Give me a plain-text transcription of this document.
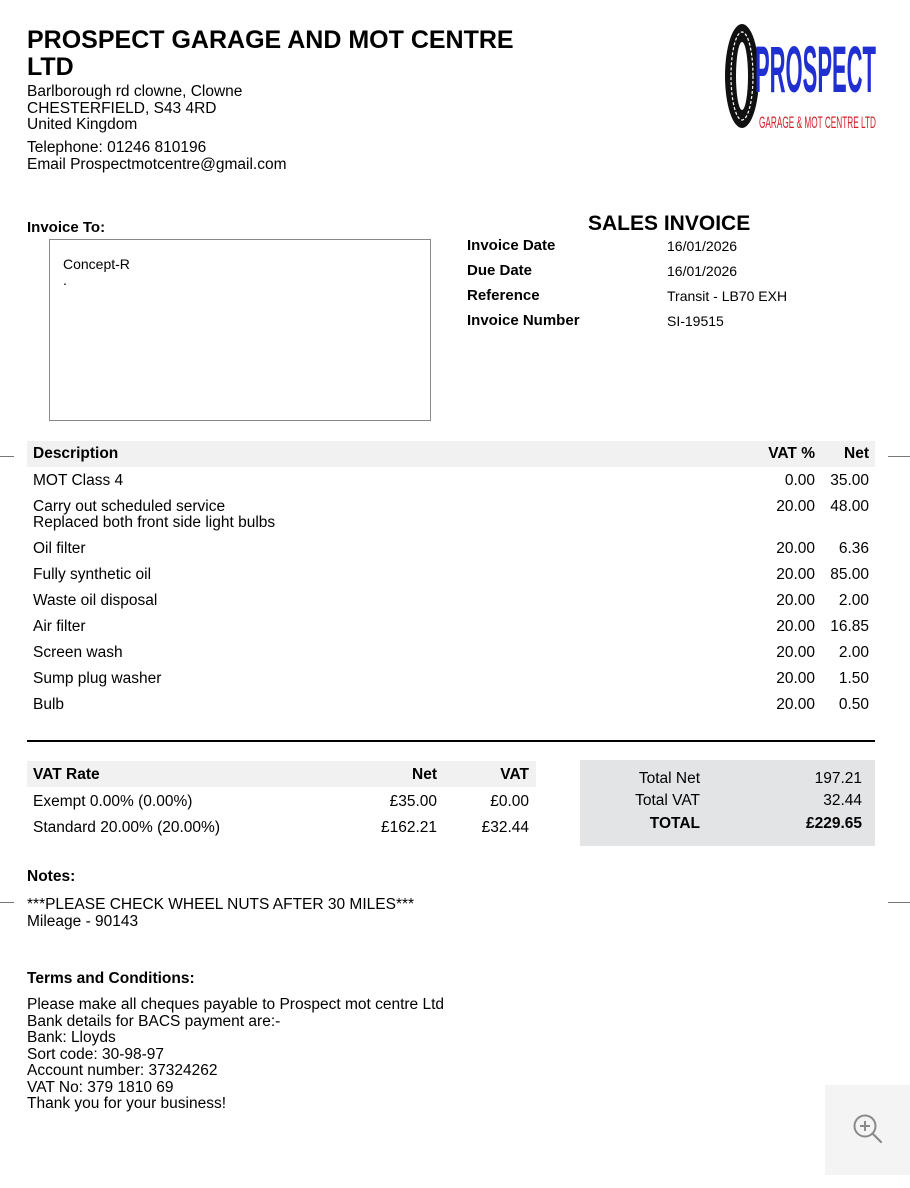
PROSPECT GARAGE AND MOT CENTRE LTD
Barlborough rd clowne, Clowne
CHESTERFIELD, S43 4RD
United Kingdom
Telephone: 01246 810196
Email Prospectmotcentre@gmail.com
PROSPECT
GARAGE & MOT CENTRE LTD
Invoice To:
Concept-R
.
SALES INVOICE
Invoice Date	16/01/2026
Due Date	16/01/2026
Reference	Transit - LB70 EXH
Invoice Number	SI-19515
Description	VAT % Net
MOT Class 4	0.00 35.00
Carry out scheduled service
Replaced both front side light bulbs
20.00 48.00
Oil filter	20.00 6.36
Fully synthetic oil	20.00 85.00
Waste oil disposal	20.00 2.00
Air filter	20.00 16.85
Screen wash	20.00 2.00
Sump plug washer	20.00 1.50
Bulb	20.00 0.50
VAT Rate	Net	VAT
Exempt 0.00% (0.00%)	£35.00	£0.00
Standard 20.00% (20.00%)	£162.21	£32.44
Total Net	197.21
Total VAT	32.44
TOTAL	£229.65
Notes:
***PLEASE CHECK WHEEL NUTS AFTER 30 MILES***
Mileage - 90143
Terms and Conditions:
Please make all cheques payable to Prospect mot centre Ltd
Bank details for BACS payment are:-
Bank: Lloyds
Sort code: 30-98-97
Account number: 37324262
VAT No: 379 1810 69
Thank you for your business!
